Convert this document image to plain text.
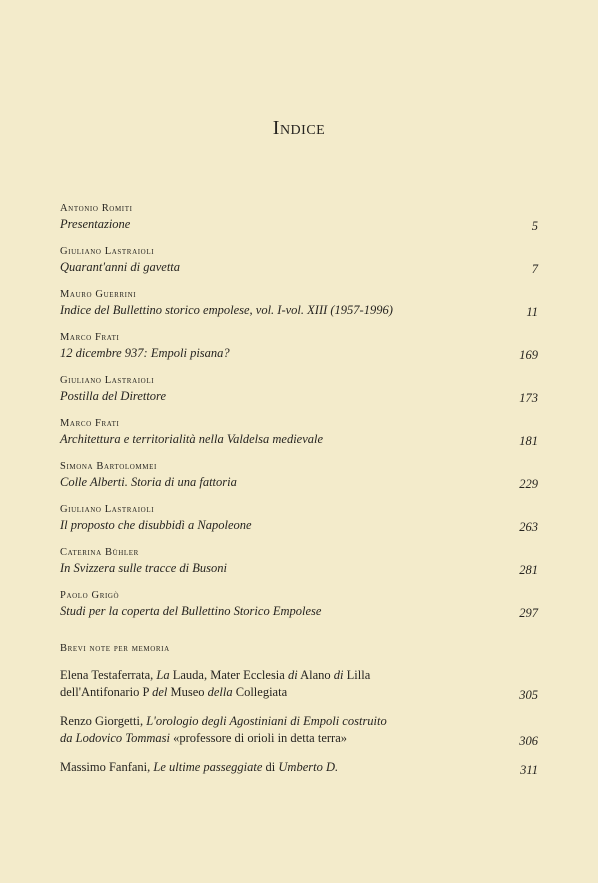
Indice
Antonio Romiti
Presentazione	5
Giuliano Lastraioli
Quarant'anni di gavetta	7
Mauro Guerrini
Indice del Bullettino storico empolese, vol. I-vol. XIII (1957-1996)	11
Marco Frati
12 dicembre 937: Empoli pisana?	169
Giuliano Lastraioli
Postilla del Direttore	173
Marco Frati
Architettura e territorialità nella Valdelsa medievale	181
Simona Bartolommei
Colle Alberti. Storia di una fattoria	229
Giuliano Lastraioli
Il proposto che disubbidì a Napoleone	263
Caterina Bühler
In Svizzera sulle tracce di Busoni	281
Paolo Grigò
Studi per la coperta del Bullettino Storico Empolese	297
Brevi note per memoria
Elena Testaferrata, La Lauda, Mater Ecclesia di Alano di Lilla
dell'Antifonario P del Museo della Collegiata	305
Renzo Giorgetti, L'orologio degli Agostiniani di Empoli costruito
da Lodovico Tommasi «professore di orioli in detta terra»	306
Massimo Fanfani, Le ultime passeggiate di Umberto D.	311
